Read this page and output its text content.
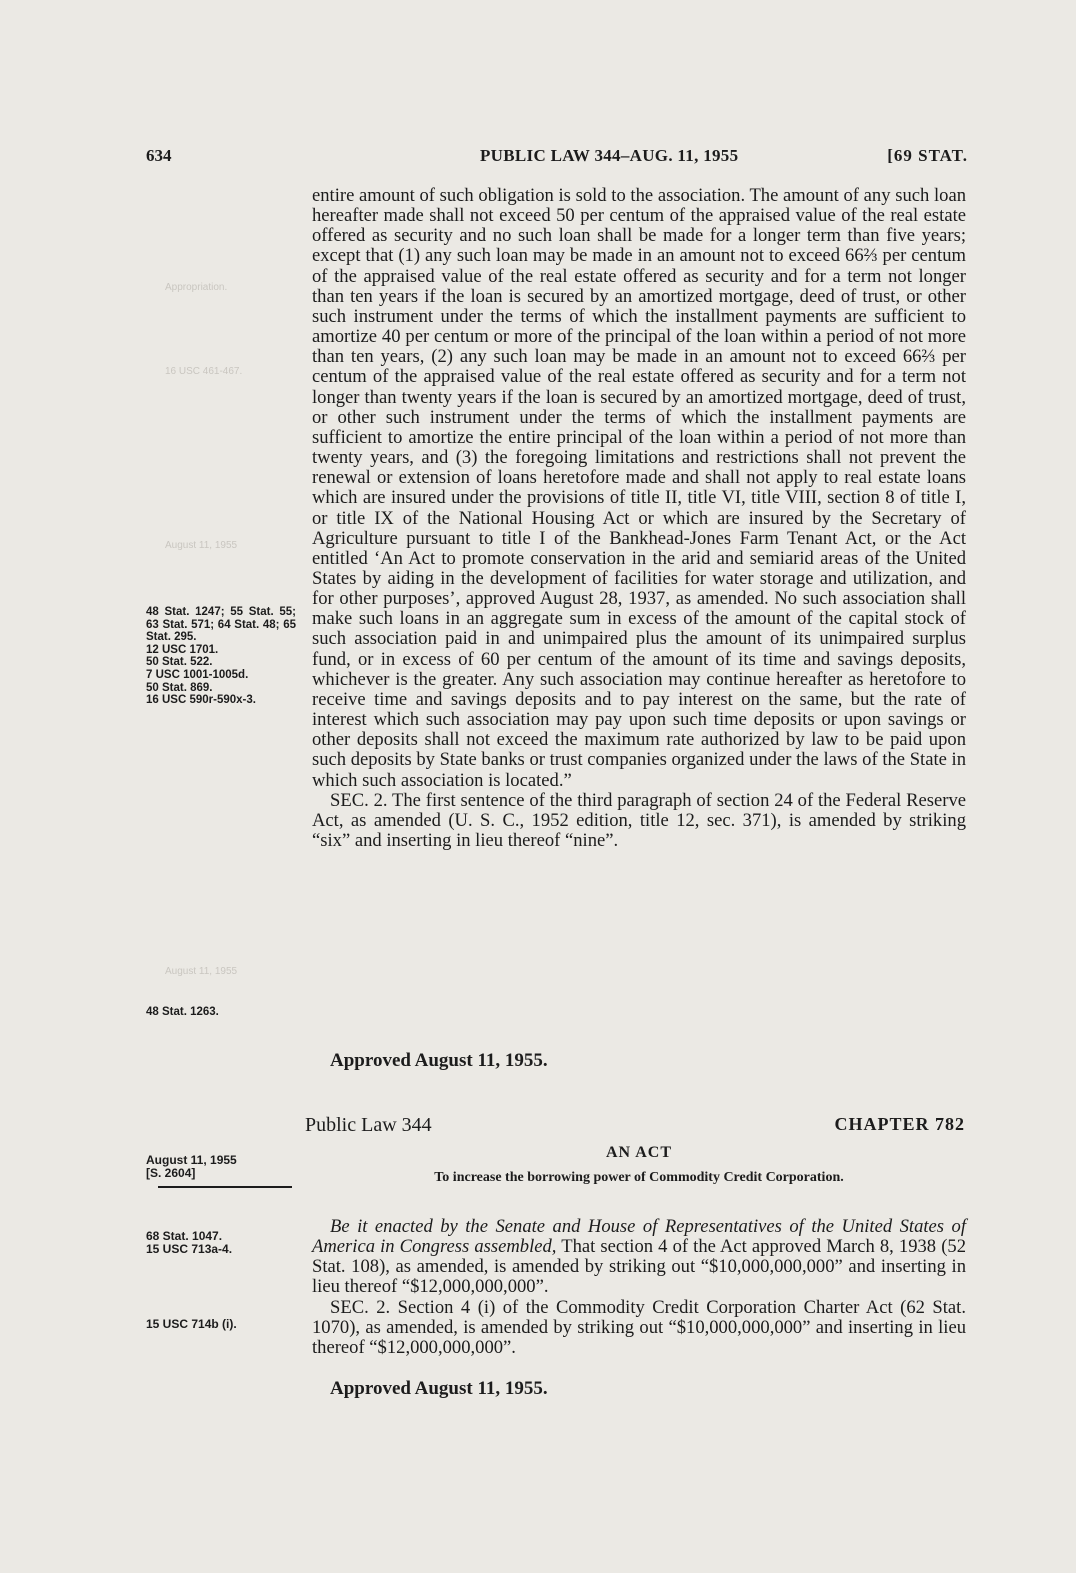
634	PUBLIC LAW 344–AUG. 11, 1955	[69 STAT.
Appropriation.
16 USC 461-467.
August 11, 1955
August 11, 1955

entire amount of such obligation is sold to the association. The amount of any such loan hereafter made shall not exceed 50 per centum of the appraised value of the real estate offered as security and no such loan shall be made for a longer term than five years; except that (1) any such loan may be made in an amount not to exceed 66⅔ per centum of the appraised value of the real estate offered as security and for a term not longer than ten years if the loan is secured by an amortized mortgage, deed of trust, or other such instrument under the terms of which the installment payments are sufficient to amortize 40 per centum or more of the principal of the loan within a period of not more than ten years, (2) any such loan may be made in an amount not to exceed 66⅔ per centum of the appraised value of the real estate offered as security and for a term not longer than twenty years if the loan is secured by an amortized mortgage, deed of trust, or other such instrument under the terms of which the installment payments are sufficient to amortize the entire principal of the loan within a period of not more than twenty years, and (3) the foregoing limitations and restrictions shall not prevent the renewal or extension of loans heretofore made and shall not apply to real estate loans which are insured under the provisions of title II, title VI, title VIII, section 8 of title I, or title IX of the National Housing Act or which are insured by the Secretary of Agriculture pursuant to title I of the Bankhead-Jones Farm Tenant Act, or the Act entitled ‘An Act to promote conservation in the arid and semiarid areas of the United States by aiding in the development of facilities for water storage and utilization, and for other purposes’, approved August 28, 1937, as amended. No such association shall make such loans in an aggregate sum in excess of the amount of the capital stock of such association paid in and unimpaired plus the amount of its unimpaired surplus fund, or in excess of 60 per centum of the amount of its time and savings deposits, whichever is the greater. Any such association may continue hereafter as heretofore to receive time and savings deposits and to pay interest on the same, but the rate of interest which such association may pay upon such time deposits or upon savings or other deposits shall not exceed the maximum rate authorized by law to be paid upon such deposits by State banks or trust companies organized under the laws of the State in which such association is located.”

SEC. 2. The first sentence of the third paragraph of section 24 of the Federal Reserve Act, as amended (U. S. C., 1952 edition, title 12, sec. 371), is amended by striking “six” and inserting in lieu thereof “nine”.

48 Stat. 1247; 55 Stat. 55; 63 Stat. 571; 64 Stat. 48; 65 Stat. 295.
12 USC 1701.
50 Stat. 522.
7 USC 1001-1005d.
50 Stat. 869.
16 USC 590r-590x-3.
48 Stat. 1263.
Approved August 11, 1955.
Public Law 344	CHAPTER 782
August 11, 1955
[S. 2604]
AN ACT
To increase the borrowing power of Commodity Credit Corporation.
68 Stat. 1047.
15 USC 713a-4.

Be it enacted by the Senate and House of Representatives of the United States of America in Congress assembled, That section 4 of the Act approved March 8, 1938 (52 Stat. 108), as amended, is amended by striking out “$10,000,000,000” and inserting in lieu thereof “$12,000,000,000”.

SEC. 2. Section 4 (i) of the Commodity Credit Corporation Charter Act (62 Stat. 1070), as amended, is amended by striking out “$10,000,000,000” and inserting in lieu thereof “$12,000,000,000”.

15 USC 714b (i).
Approved August 11, 1955.
